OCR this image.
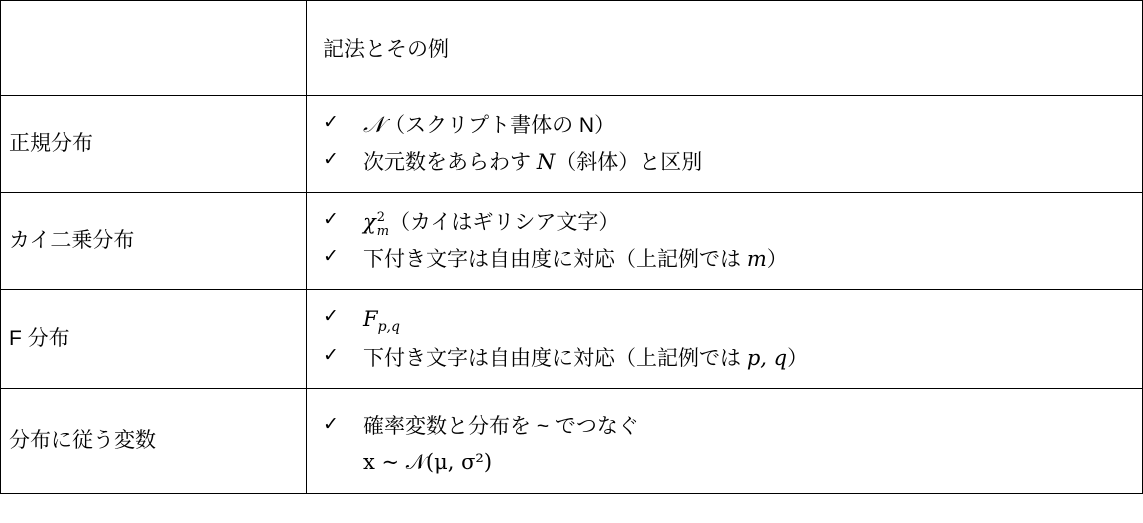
	記法とその例

正規分布

✓	𝒩（スクリプト書体の N）
✓	次元数をあらわす N（斜体）と区別

カイ二乗分布

✓	χ 2
m （カイはギリシア文字）
✓	下付き文字は自由度に対応（上記例では m）

F 分布

✓	$F_{p,q}$
✓	下付き文字は自由度に対応（上記例では p, q）

分布に従う変数

✓	確率変数と分布を ~ でつなぐ
x ~ 𝒩(μ, σ²)
